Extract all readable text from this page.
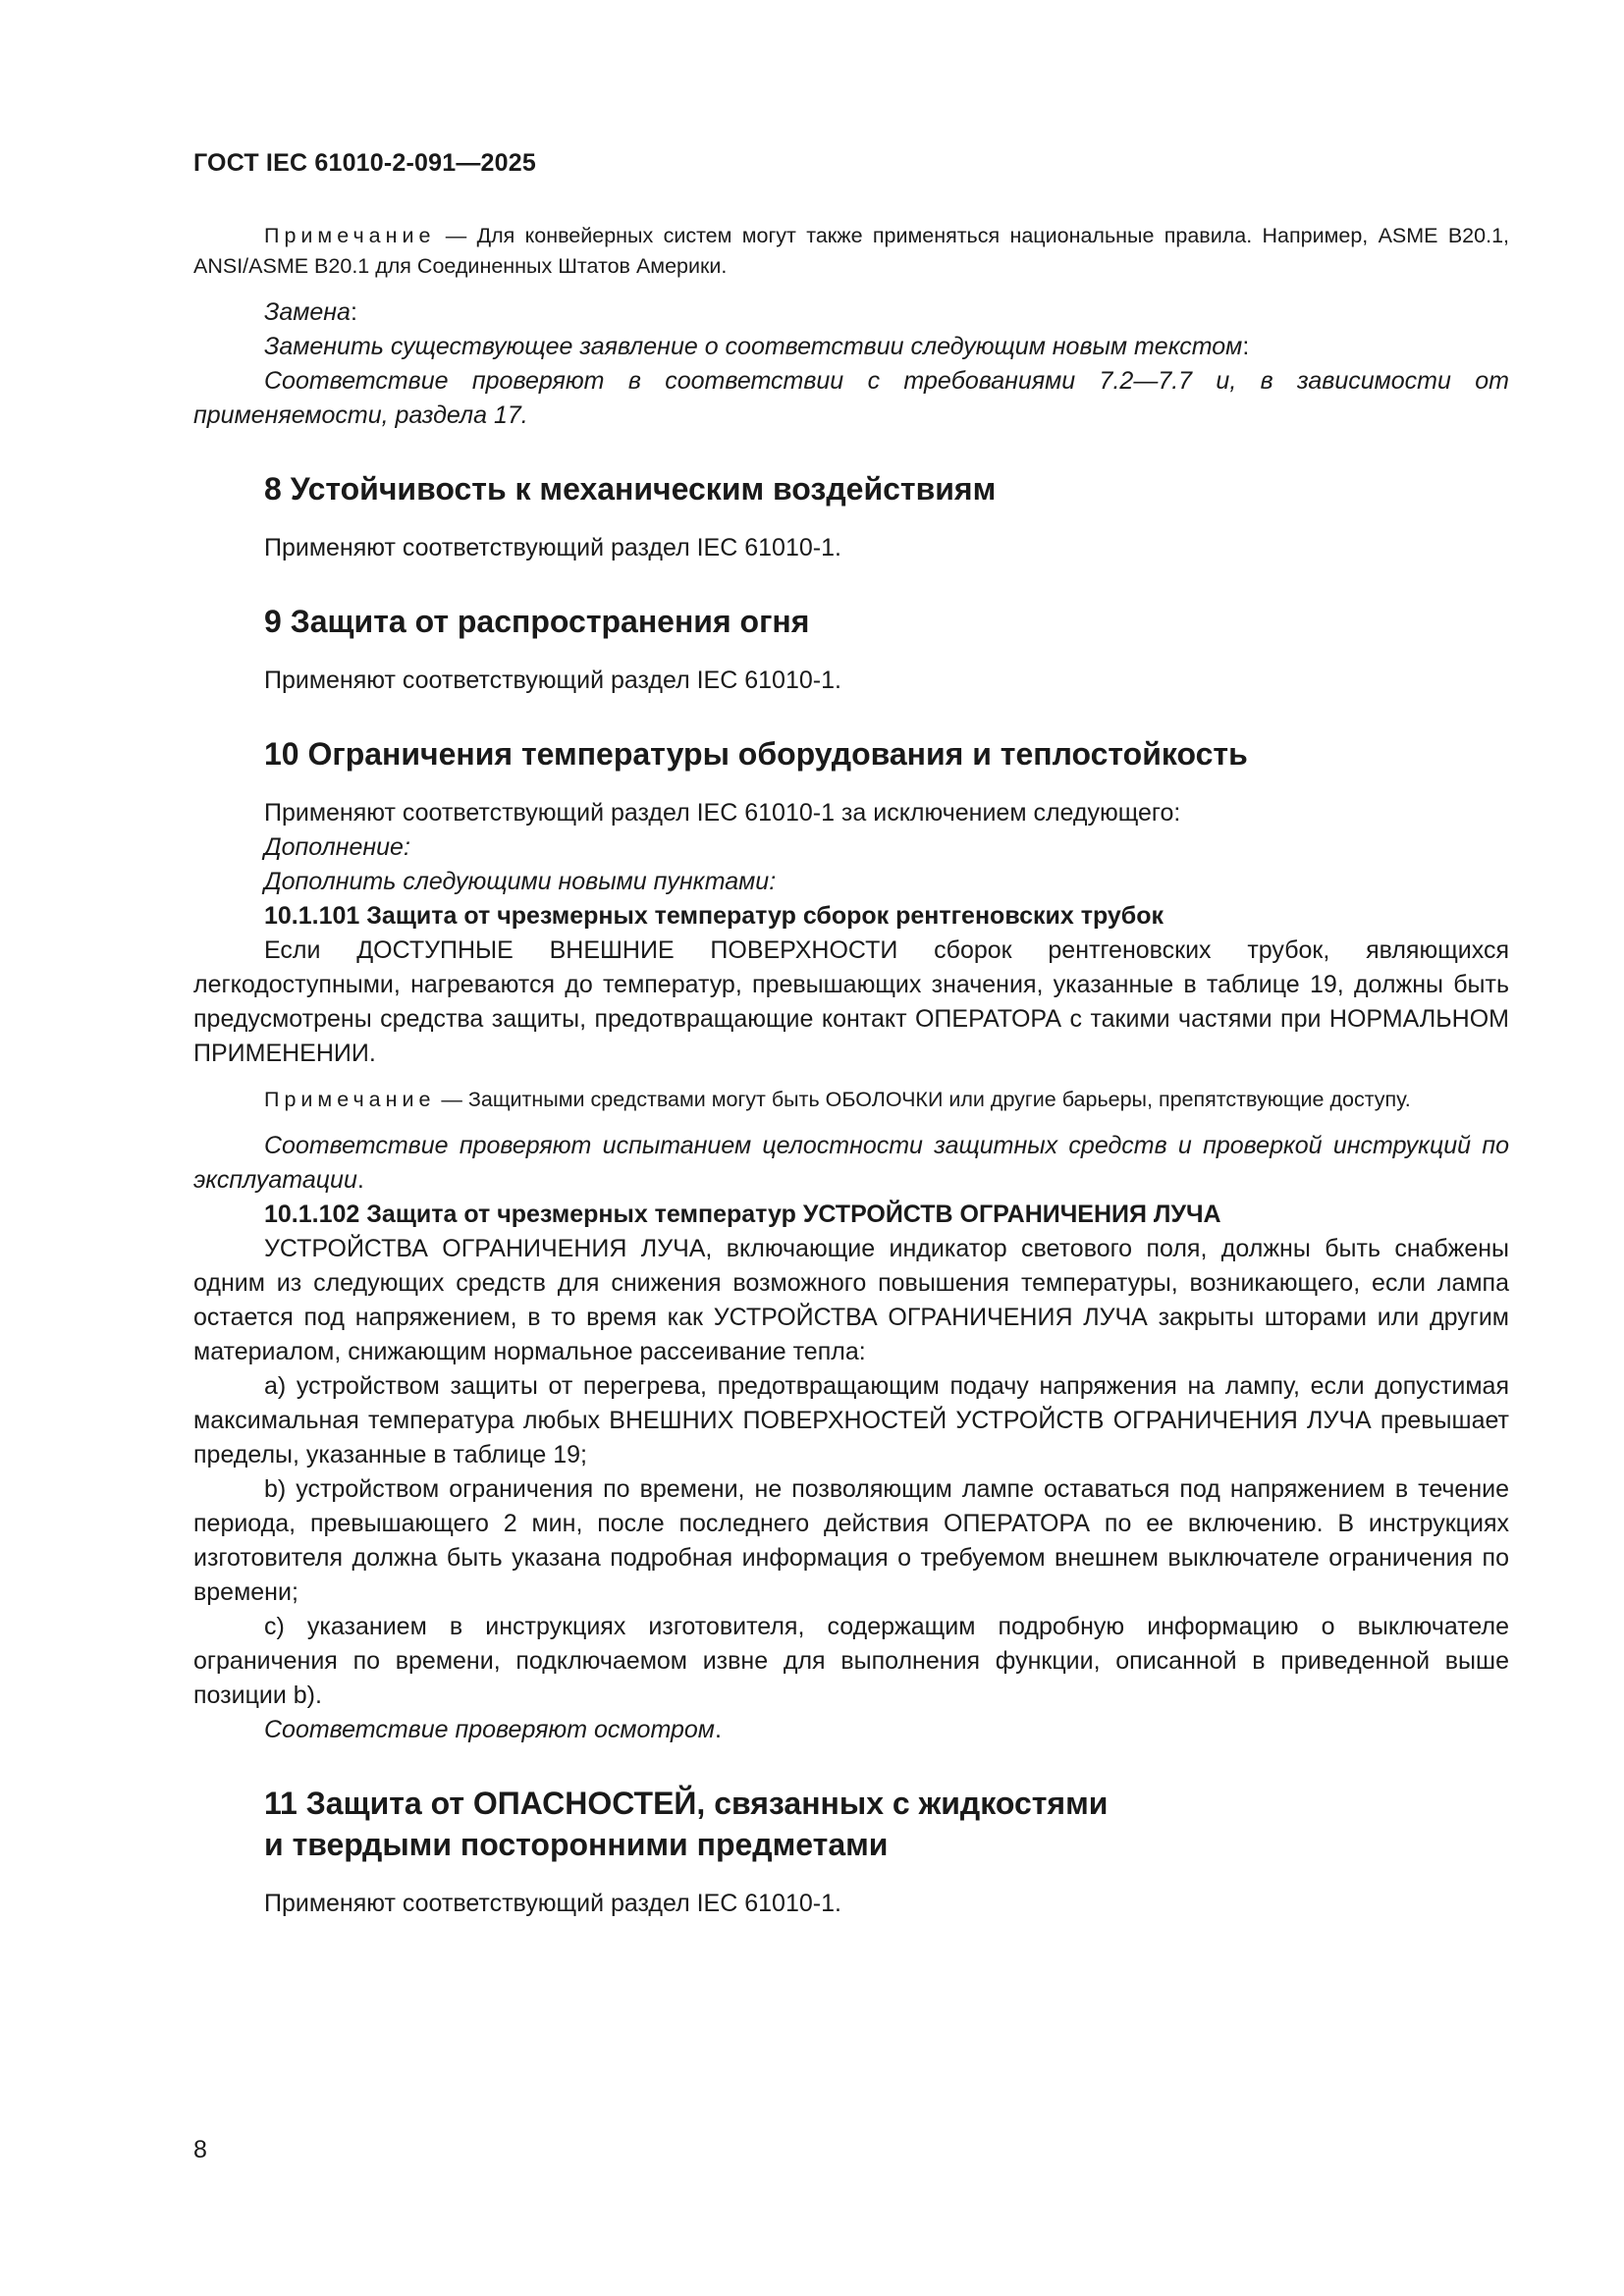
ГОСТ IEC 61010-2-091—2025

Примечание — Для конвейерных систем могут также применяться национальные правила. Например, ASME B20.1, ANSI/ASME B20.1 для Соединенных Штатов Америки.

Замена:

Заменить существующее заявление о соответствии следующим новым текстом:

Соответствие проверяют в соответствии с требованиями 7.2—7.7 и, в зависимости от применяемости, раздела 17.

8 Устойчивость к механическим воздействиям

Применяют соответствующий раздел IEC 61010-1.

9 Защита от распространения огня

Применяют соответствующий раздел IEC 61010-1.

10 Ограничения температуры оборудования и теплостойкость

Применяют соответствующий раздел IEC 61010-1 за исключением следующего:

Дополнение:

Дополнить следующими новыми пунктами:

10.1.101 Защита от чрезмерных температур сборок рентгеновских трубок

Если ДОСТУПНЫЕ ВНЕШНИЕ ПОВЕРХНОСТИ сборок рентгеновских трубок, являющихся легкодоступными, нагреваются до температур, превышающих значения, указанные в таблице 19, должны быть предусмотрены средства защиты, предотвращающие контакт ОПЕРАТОРА с такими частями при НОРМАЛЬНОМ ПРИМЕНЕНИИ.

Примечание — Защитными средствами могут быть ОБОЛОЧКИ или другие барьеры, препятствующие доступу.

Соответствие проверяют испытанием целостности защитных средств и проверкой инструкций по эксплуатации.

10.1.102 Защита от чрезмерных температур УСТРОЙСТВ ОГРАНИЧЕНИЯ ЛУЧА

УСТРОЙСТВА ОГРАНИЧЕНИЯ ЛУЧА, включающие индикатор светового поля, должны быть снабжены одним из следующих средств для снижения возможного повышения температуры, возникающего, если лампа остается под напряжением, в то время как УСТРОЙСТВА ОГРАНИЧЕНИЯ ЛУЧА закрыты шторами или другим материалом, снижающим нормальное рассеивание тепла:

a) устройством защиты от перегрева, предотвращающим подачу напряжения на лампу, если допустимая максимальная температура любых ВНЕШНИХ ПОВЕРХНОСТЕЙ УСТРОЙСТВ ОГРАНИЧЕНИЯ ЛУЧА превышает пределы, указанные в таблице 19;

b) устройством ограничения по времени, не позволяющим лампе оставаться под напряжением в течение периода, превышающего 2 мин, после последнего действия ОПЕРАТОРА по ее включению. В инструкциях изготовителя должна быть указана подробная информация о требуемом внешнем выключателе ограничения по времени;

c) указанием в инструкциях изготовителя, содержащим подробную информацию о выключателе ограничения по времени, подключаемом извне для выполнения функции, описанной в приведенной выше позиции b).

Соответствие проверяют осмотром.

11 Защита от ОПАСНОСТЕЙ, связанных с жидкостями
и твердыми посторонними предметами

Применяют соответствующий раздел IEC 61010-1.

8
